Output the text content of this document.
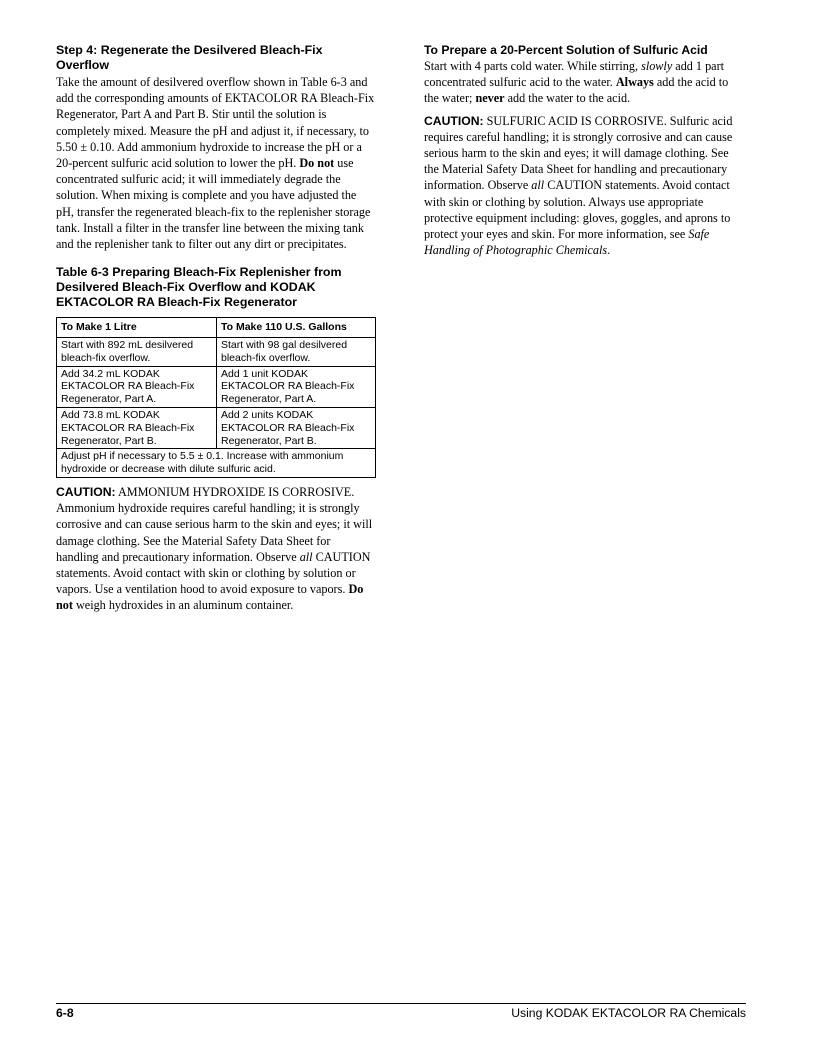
Step 4: Regenerate the Desilvered Bleach-Fix Overflow

Take the amount of desilvered overflow shown in Table 6-3 and add the corresponding amounts of EKTACOLOR RA Bleach-Fix Regenerator, Part A and Part B. Stir until the solution is completely mixed. Measure the pH and adjust it, if necessary, to 5.50 ± 0.10. Add ammonium hydroxide to increase the pH or a 20-percent sulfuric acid solution to lower the pH. Do not use concentrated sulfuric acid; it will immediately degrade the solution. When mixing is complete and you have adjusted the pH, transfer the regenerated bleach-fix to the replenisher storage tank. Install a filter in the transfer line between the mixing tank and the replenisher tank to filter out any dirt or precipitates.

Table 6-3 Preparing Bleach-Fix Replenisher from Desilvered Bleach-Fix Overflow and KODAK EKTACOLOR RA Bleach-Fix Regenerator
To Make 1 Litre	To Make 110 U.S. Gallons
Start with 892 mL desilvered bleach-fix overflow.	Start with 98 gal desilvered bleach-fix overflow.
Add 34.2 mL KODAK EKTACOLOR RA Bleach-Fix Regenerator, Part A.	Add 1 unit KODAK EKTACOLOR RA Bleach-Fix Regenerator, Part A.
Add 73.8 mL KODAK EKTACOLOR RA Bleach-Fix Regenerator, Part B.	Add 2 units KODAK EKTACOLOR RA Bleach-Fix Regenerator, Part B.
Adjust pH if necessary to 5.5 ± 0.1. Increase with ammonium hydroxide or decrease with dilute sulfuric acid.	

CAUTION: AMMONIUM HYDROXIDE IS CORROSIVE. Ammonium hydroxide requires careful handling; it is strongly corrosive and can cause serious harm to the skin and eyes; it will damage clothing. See the Material Safety Data Sheet for handling and precautionary information. Observe all CAUTION statements. Avoid contact with skin or clothing by solution or vapors. Use a ventilation hood to avoid exposure to vapors. Do not weigh hydroxides in an aluminum container.

To Prepare a 20-Percent Solution of Sulfuric Acid

Start with 4 parts cold water. While stirring, slowly add 1 part concentrated sulfuric acid to the water. Always add the acid to the water; never add the water to the acid.

CAUTION: SULFURIC ACID IS CORROSIVE. Sulfuric acid requires careful handling; it is strongly corrosive and can cause serious harm to the skin and eyes; it will damage clothing. See the Material Safety Data Sheet for handling and precautionary information. Observe all CAUTION statements. Avoid contact with skin or clothing by solution. Always use appropriate protective equipment including: gloves, goggles, and aprons to protect your eyes and skin. For more information, see Safe Handling of Photographic Chemicals.

6-8	Using KODAK EKTACOLOR RA Chemicals
